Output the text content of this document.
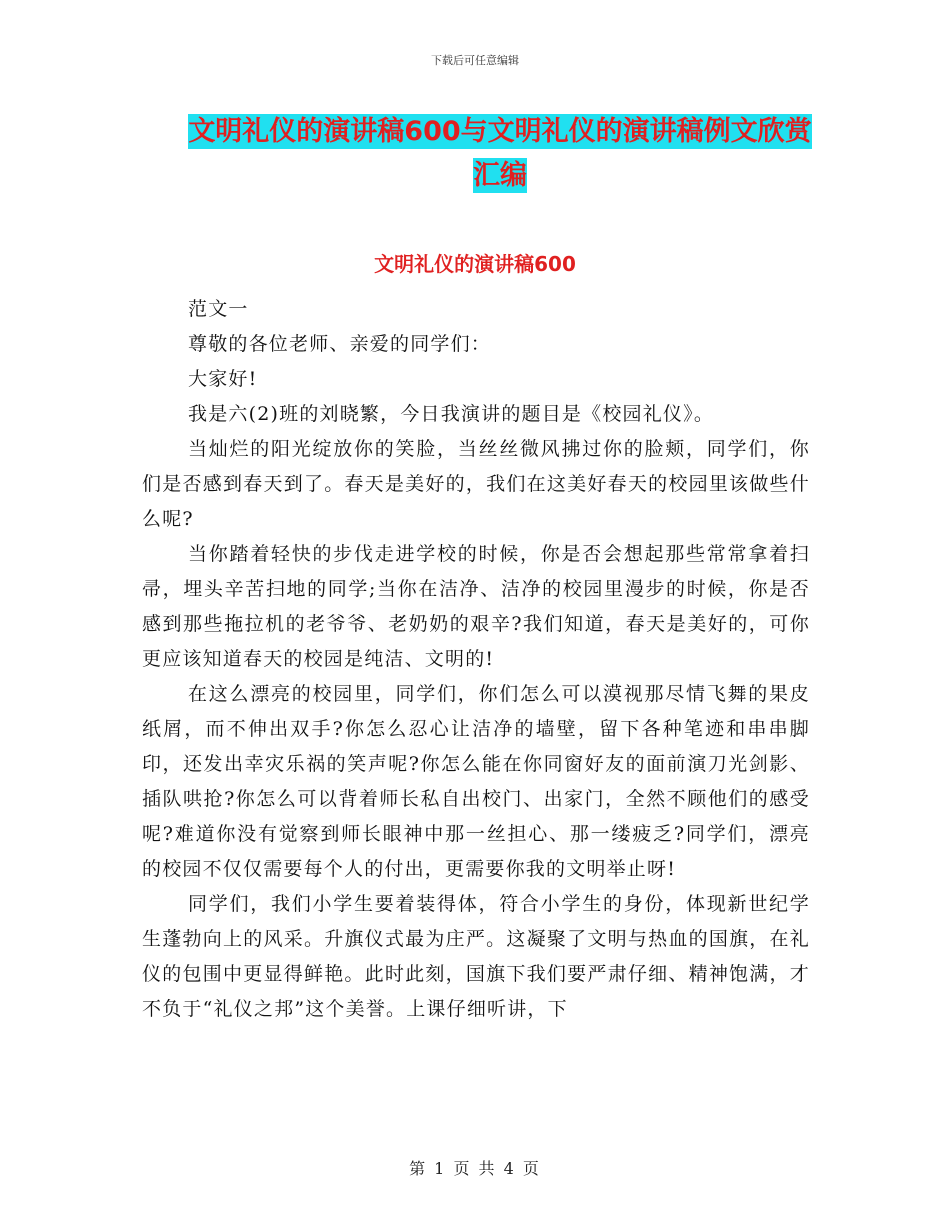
下载后可任意编辑
文明礼仪的演讲稿600与文明礼仪的演讲稿例文欣赏
汇编
文明礼仪的演讲稿600

范文一

尊敬的各位老师、亲爱的同学们：

大家好!

我是六(2)班的刘晓繁，今日我演讲的题目是《校园礼仪》。

当灿烂的阳光绽放你的笑脸，当丝丝微风拂过你的脸颊，同学们，你们是否感到春天到了。春天是美好的，我们在这美好春天的校园里该做些什么呢?

当你踏着轻快的步伐走进学校的时候，你是否会想起那些常常拿着扫帚，埋头辛苦扫地的同学;当你在洁净、洁净的校园里漫步的时候，你是否感到那些拖拉机的老爷爷、老奶奶的艰辛?我们知道，春天是美好的，可你更应该知道春天的校园是纯洁、文明的!

在这么漂亮的校园里，同学们，你们怎么可以漠视那尽情飞舞的果皮纸屑，而不伸出双手?你怎么忍心让洁净的墙壁，留下各种笔迹和串串脚印，还发出幸灾乐祸的笑声呢?你怎么能在你同窗好友的面前演刀光剑影、插队哄抢?你怎么可以背着师长私自出校门、出家门，全然不顾他们的感受呢?难道你没有觉察到师长眼神中那一丝担心、那一缕疲乏?同学们，漂亮的校园不仅仅需要每个人的付出，更需要你我的文明举止呀!

同学们，我们小学生要着装得体，符合小学生的身份，体现新世纪学生蓬勃向上的风采。升旗仪式最为庄严。这凝聚了文明与热血的国旗，在礼仪的包围中更显得鲜艳。此时此刻，国旗下我们要严肃仔细、精神饱满，才不负于“礼仪之邦”这个美誉。上课仔细听讲，下

第 1 页 共 4 页
